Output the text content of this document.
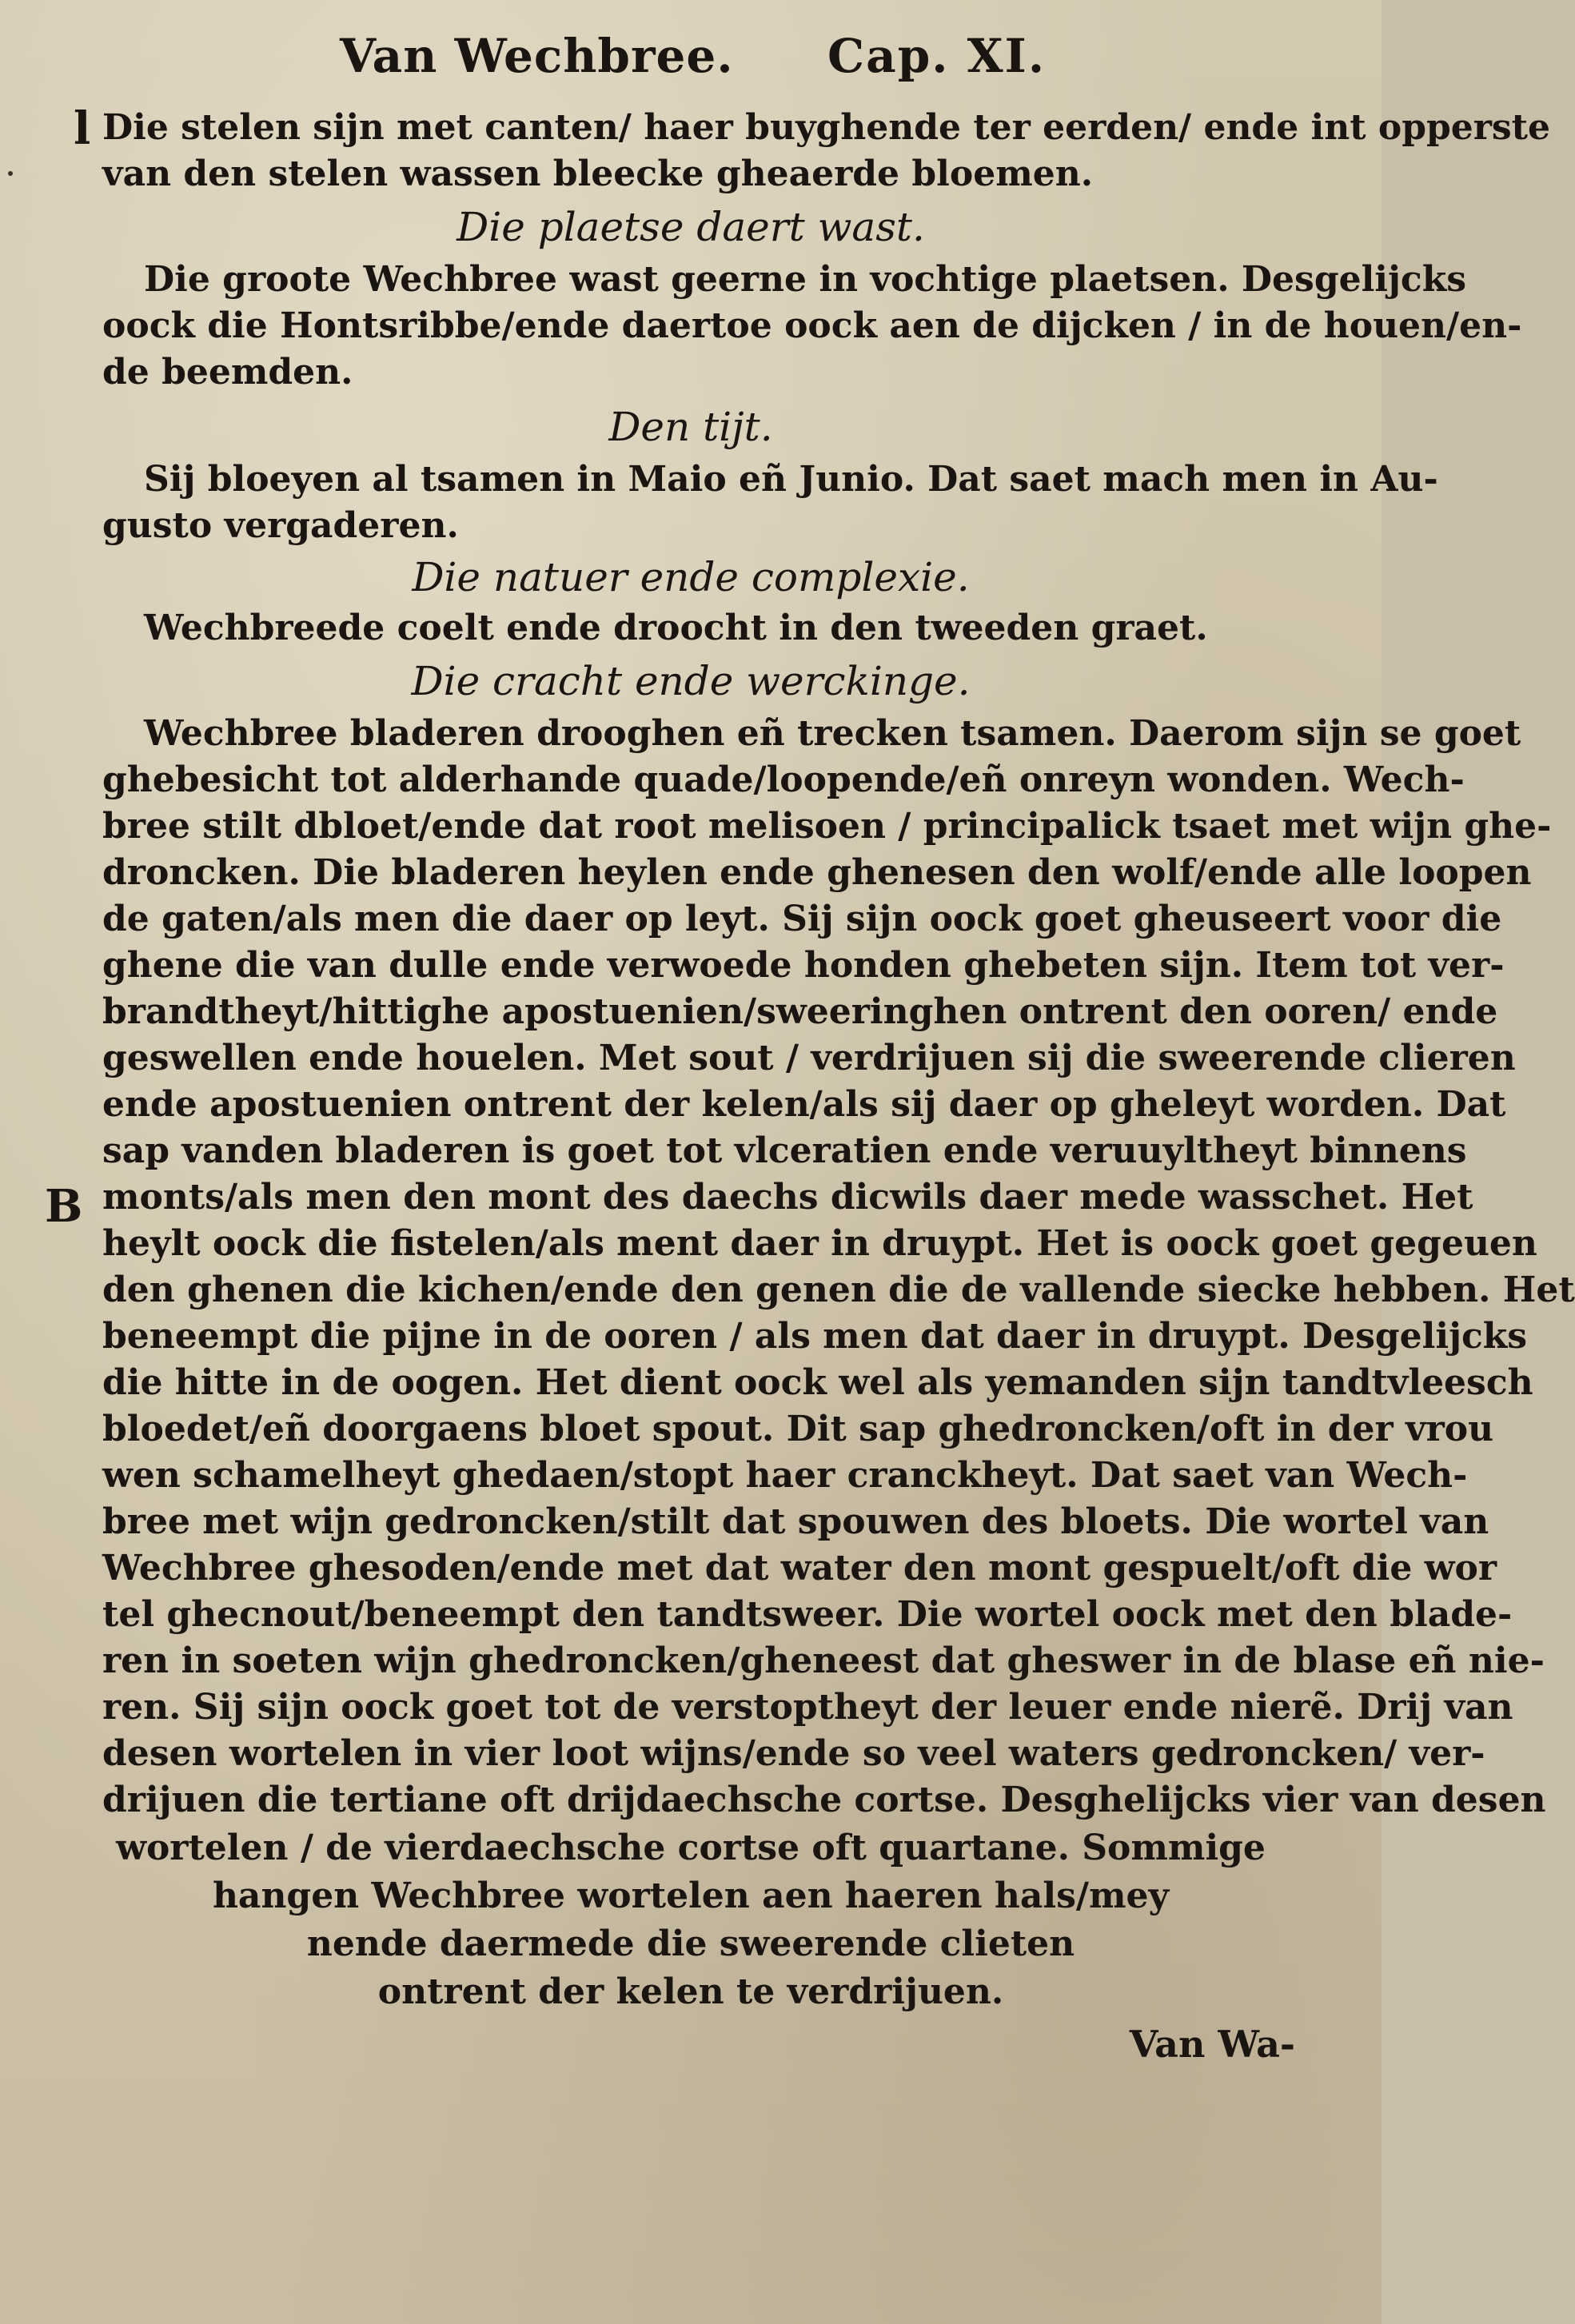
Van Wechbree. Cap. XI.
l
B
Die stelen sijn met canten/ haer buyghende ter eerden/ ende int opperste
van den stelen wassen bleecke gheaerde bloemen.
Die plaetse daert wast.
Die groote Wechbree wast geerne in vochtige plaetsen. Desgelijcks
oock die Hontsribbe/ende daertoe oock aen de dijcken / in de houen/en-
de beemden.
Den tijt.
Sij bloeyen al tsamen in Maio eñ Junio. Dat saet mach men in Au-
gusto vergaderen.
Die natuer ende complexie.
Wechbreede coelt ende droocht in den tweeden graet.
Die cracht ende werckinge.
Wechbree bladeren drooghen eñ trecken tsamen. Daerom sijn se goet
ghebesicht tot alderhande quade/loopende/eñ onreyn wonden. Wech-
bree stilt dbloet/ende dat root melisoen / principalick tsaet met wijn ghe-
droncken. Die bladeren heylen ende ghenesen den wolf/ende alle loopen
de gaten/als men die daer op leyt. Sij sijn oock goet gheuseert voor die
ghene die van dulle ende verwoede honden ghebeten sijn. Item tot ver-
brandtheyt/hittighe apostuenien/sweeringhen ontrent den ooren/ ende
geswellen ende houelen. Met sout / verdrijuen sij die sweerende clieren
ende apostuenien ontrent der kelen/als sij daer op gheleyt worden. Dat
sap vanden bladeren is goet tot vlceratien ende veruuyltheyt binnens
monts/als men den mont des daechs dicwils daer mede wasschet. Het
heylt oock die fistelen/als ment daer in druypt. Het is oock goet gegeuen
den ghenen die kichen/ende den genen die de vallende siecke hebben. Het
beneempt die pijne in de ooren / als men dat daer in druypt. Desgelijcks
die hitte in de oogen. Het dient oock wel als yemanden sijn tandtvleesch
bloedet/eñ doorgaens bloet spout. Dit sap ghedroncken/oft in der vrou
wen schamelheyt ghedaen/stopt haer cranckheyt. Dat saet van Wech-
bree met wijn gedroncken/stilt dat spouwen des bloets. Die wortel van
Wechbree ghesoden/ende met dat water den mont gespuelt/oft die wor
tel ghecnout/beneempt den tandtsweer. Die wortel oock met den blade-
ren in soeten wijn ghedroncken/gheneest dat gheswer in de blase eñ nie-
ren. Sij sijn oock goet tot de verstoptheyt der leuer ende nierẽ. Drij van
desen wortelen in vier loot wijns/ende so veel waters gedroncken/ ver-
drijuen die tertiane oft drijdaechsche cortse. Desghelijcks vier van desen
wortelen / de vierdaechsche cortse oft quartane. Sommige
hangen Wechbree wortelen aen haeren hals/mey
nende daermede die sweerende clieten
ontrent der kelen te verdrijuen.
Van Wa-
